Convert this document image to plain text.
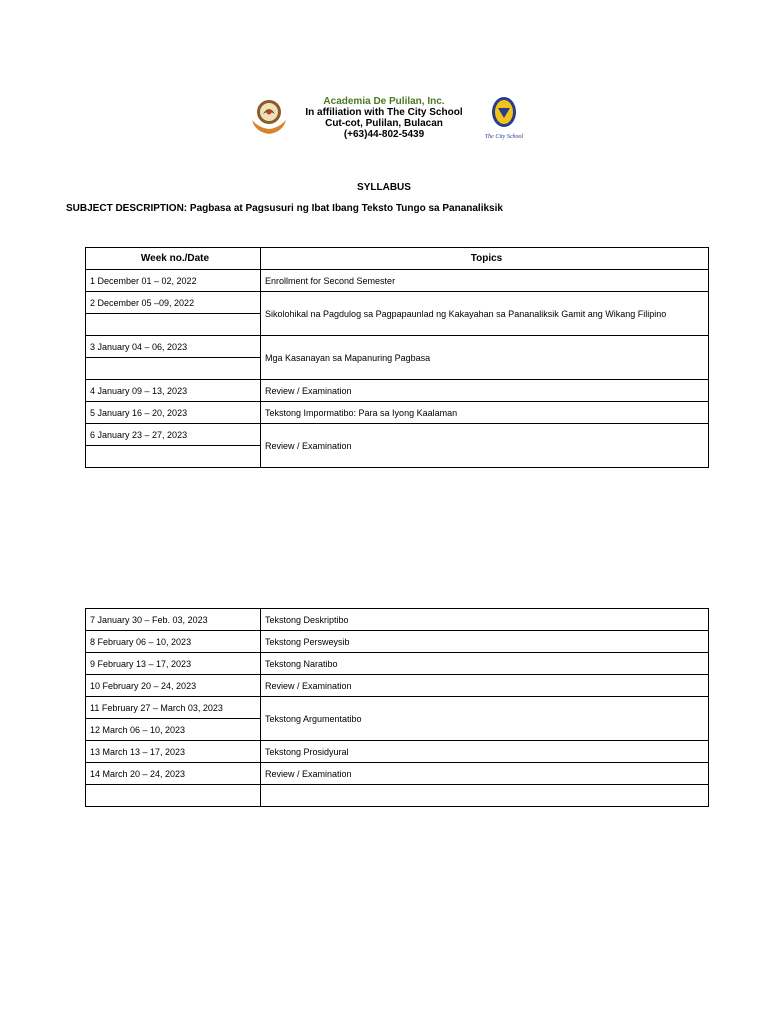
Academia De Pulilan, Inc.
In affiliation with The City School
Cut-cot, Pulilan, Bulacan
(+63)44-802-5439	The City School
SYLLABUS
SUBJECT DESCRIPTION: Pagbasa at Pagsusuri ng Ibat Ibang Teksto Tungo sa Pananaliksik
Week no./Date	Topics
1 December 01 – 02, 2022	Enrollment for Second Semester
2 December 05 –09, 2022	Sikolohikal na Pagdulog sa Pagpapaunlad ng Kakayahan sa Pananaliksik Gamit ang Wikang Filipino

3 January 04 – 06, 2023	Mga Kasanayan sa Mapanuring Pagbasa

4 January 09 – 13, 2023	Review / Examination
5 January 16 – 20, 2023	Tekstong Impormatibo: Para sa Iyong Kaalaman
6 January 23 – 27, 2023	Review / Examination

7 January 30 – Feb. 03, 2023	Tekstong Deskriptibo
8 February 06 – 10, 2023	Tekstong Persweysib
9 February 13 – 17, 2023	Tekstong Naratibo
10 February 20 – 24, 2023	Review / Examination
11 February 27 – March 03, 2023	Tekstong Argumentatibo
12 March 06 – 10, 2023	
13 March 13 – 17, 2023	Tekstong Prosidyural
14 March 20 – 24, 2023	Review / Examination
